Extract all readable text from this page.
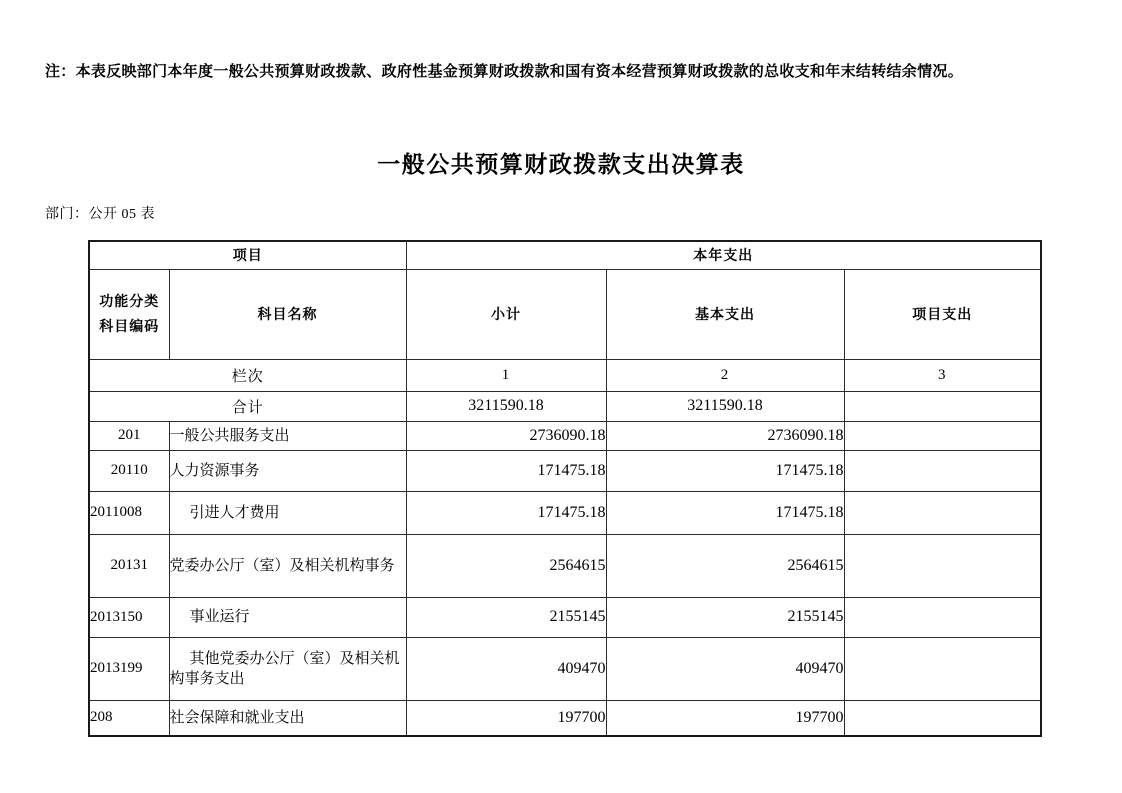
注：本表反映部门本年度一般公共预算财政拨款、政府性基金预算财政拨款和国有资本经营预算财政拨款的总收支和年末结转结余情况。
一般公共预算财政拨款支出决算表
部门：公开 05 表
项目		本年支出		

功能分类
科目编码	科目名称	小计	基本支出	项目支出
栏次		1	2	3
合计		3211590.18	3211590.18	
201	一般公共服务支出	2736090.18	2736090.18	
20110	人力资源事务	171475.18	171475.18	
2011008	引进人才费用	171475.18	171475.18	
20131	党委办公厅（室）及相关机构事务	2564615	2564615	
2013150	事业运行	2155145	2155145	
2013199	其他党委办公厅（室）及相关机构事务支出	409470	409470	
208	社会保障和就业支出	197700	197700	
